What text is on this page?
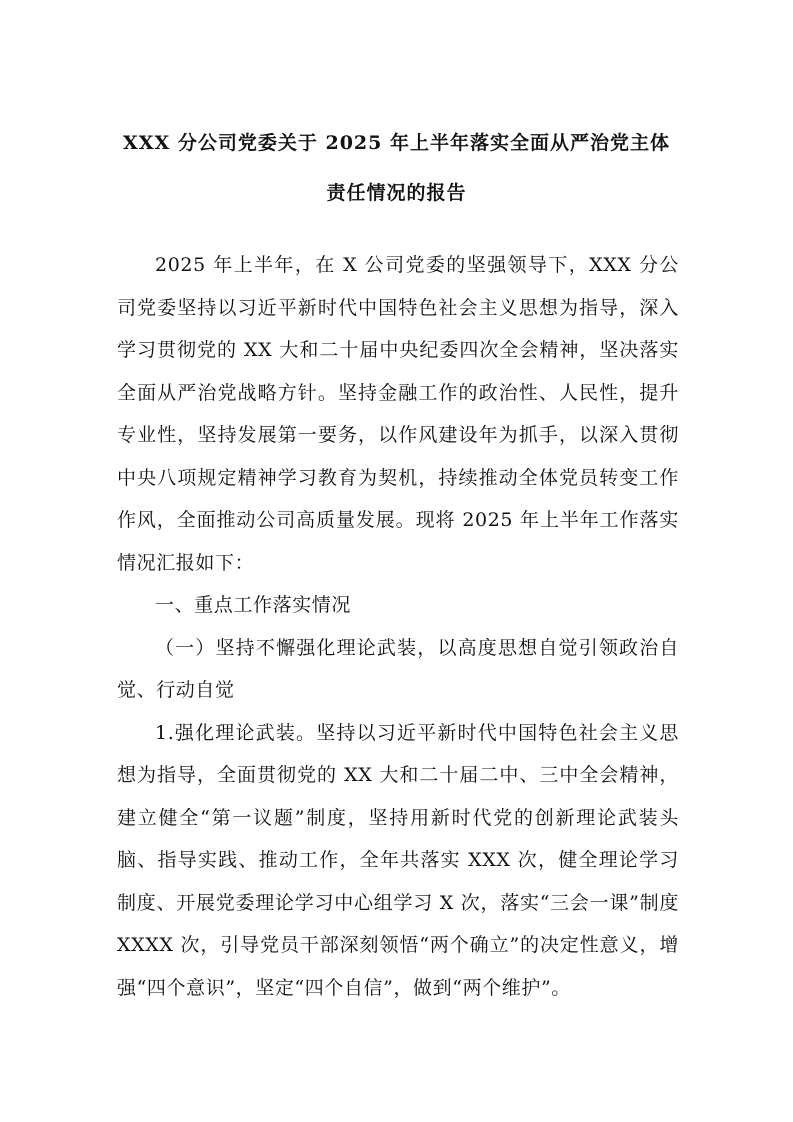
XXX 分公司党委关于 2025 年上半年落实全面从严治党主体
责任情况的报告

2025 年上半年，在 X 公司党委的坚强领导下，XXX 分公司党委坚持以习近平新时代中国特色社会主义思想为指导，深入学习贯彻党的 XX 大和二十届中央纪委四次全会精神，坚决落实全面从严治党战略方针。坚持金融工作的政治性、人民性，提升专业性，坚持发展第一要务，以作风建设年为抓手，以深入贯彻中央八项规定精神学习教育为契机，持续推动全体党员转变工作作风，全面推动公司高质量发展。现将 2025 年上半年工作落实情况汇报如下：

一、重点工作落实情况

（一）坚持不懈强化理论武装，以高度思想自觉引领政治自觉、行动自觉

1.强化理论武装。坚持以习近平新时代中国特色社会主义思想为指导，全面贯彻党的 XX 大和二十届二中、三中全会精神，建立健全“第一议题”制度，坚持用新时代党的创新理论武装头脑、指导实践、推动工作，全年共落实 XXX 次，健全理论学习制度、开展党委理论学习中心组学习 X 次，落实“三会一课”制度 XXXX 次，引导党员干部深刻领悟“两个确立”的决定性意义，增强“四个意识”，坚定“四个自信”，做到“两个维护”。
